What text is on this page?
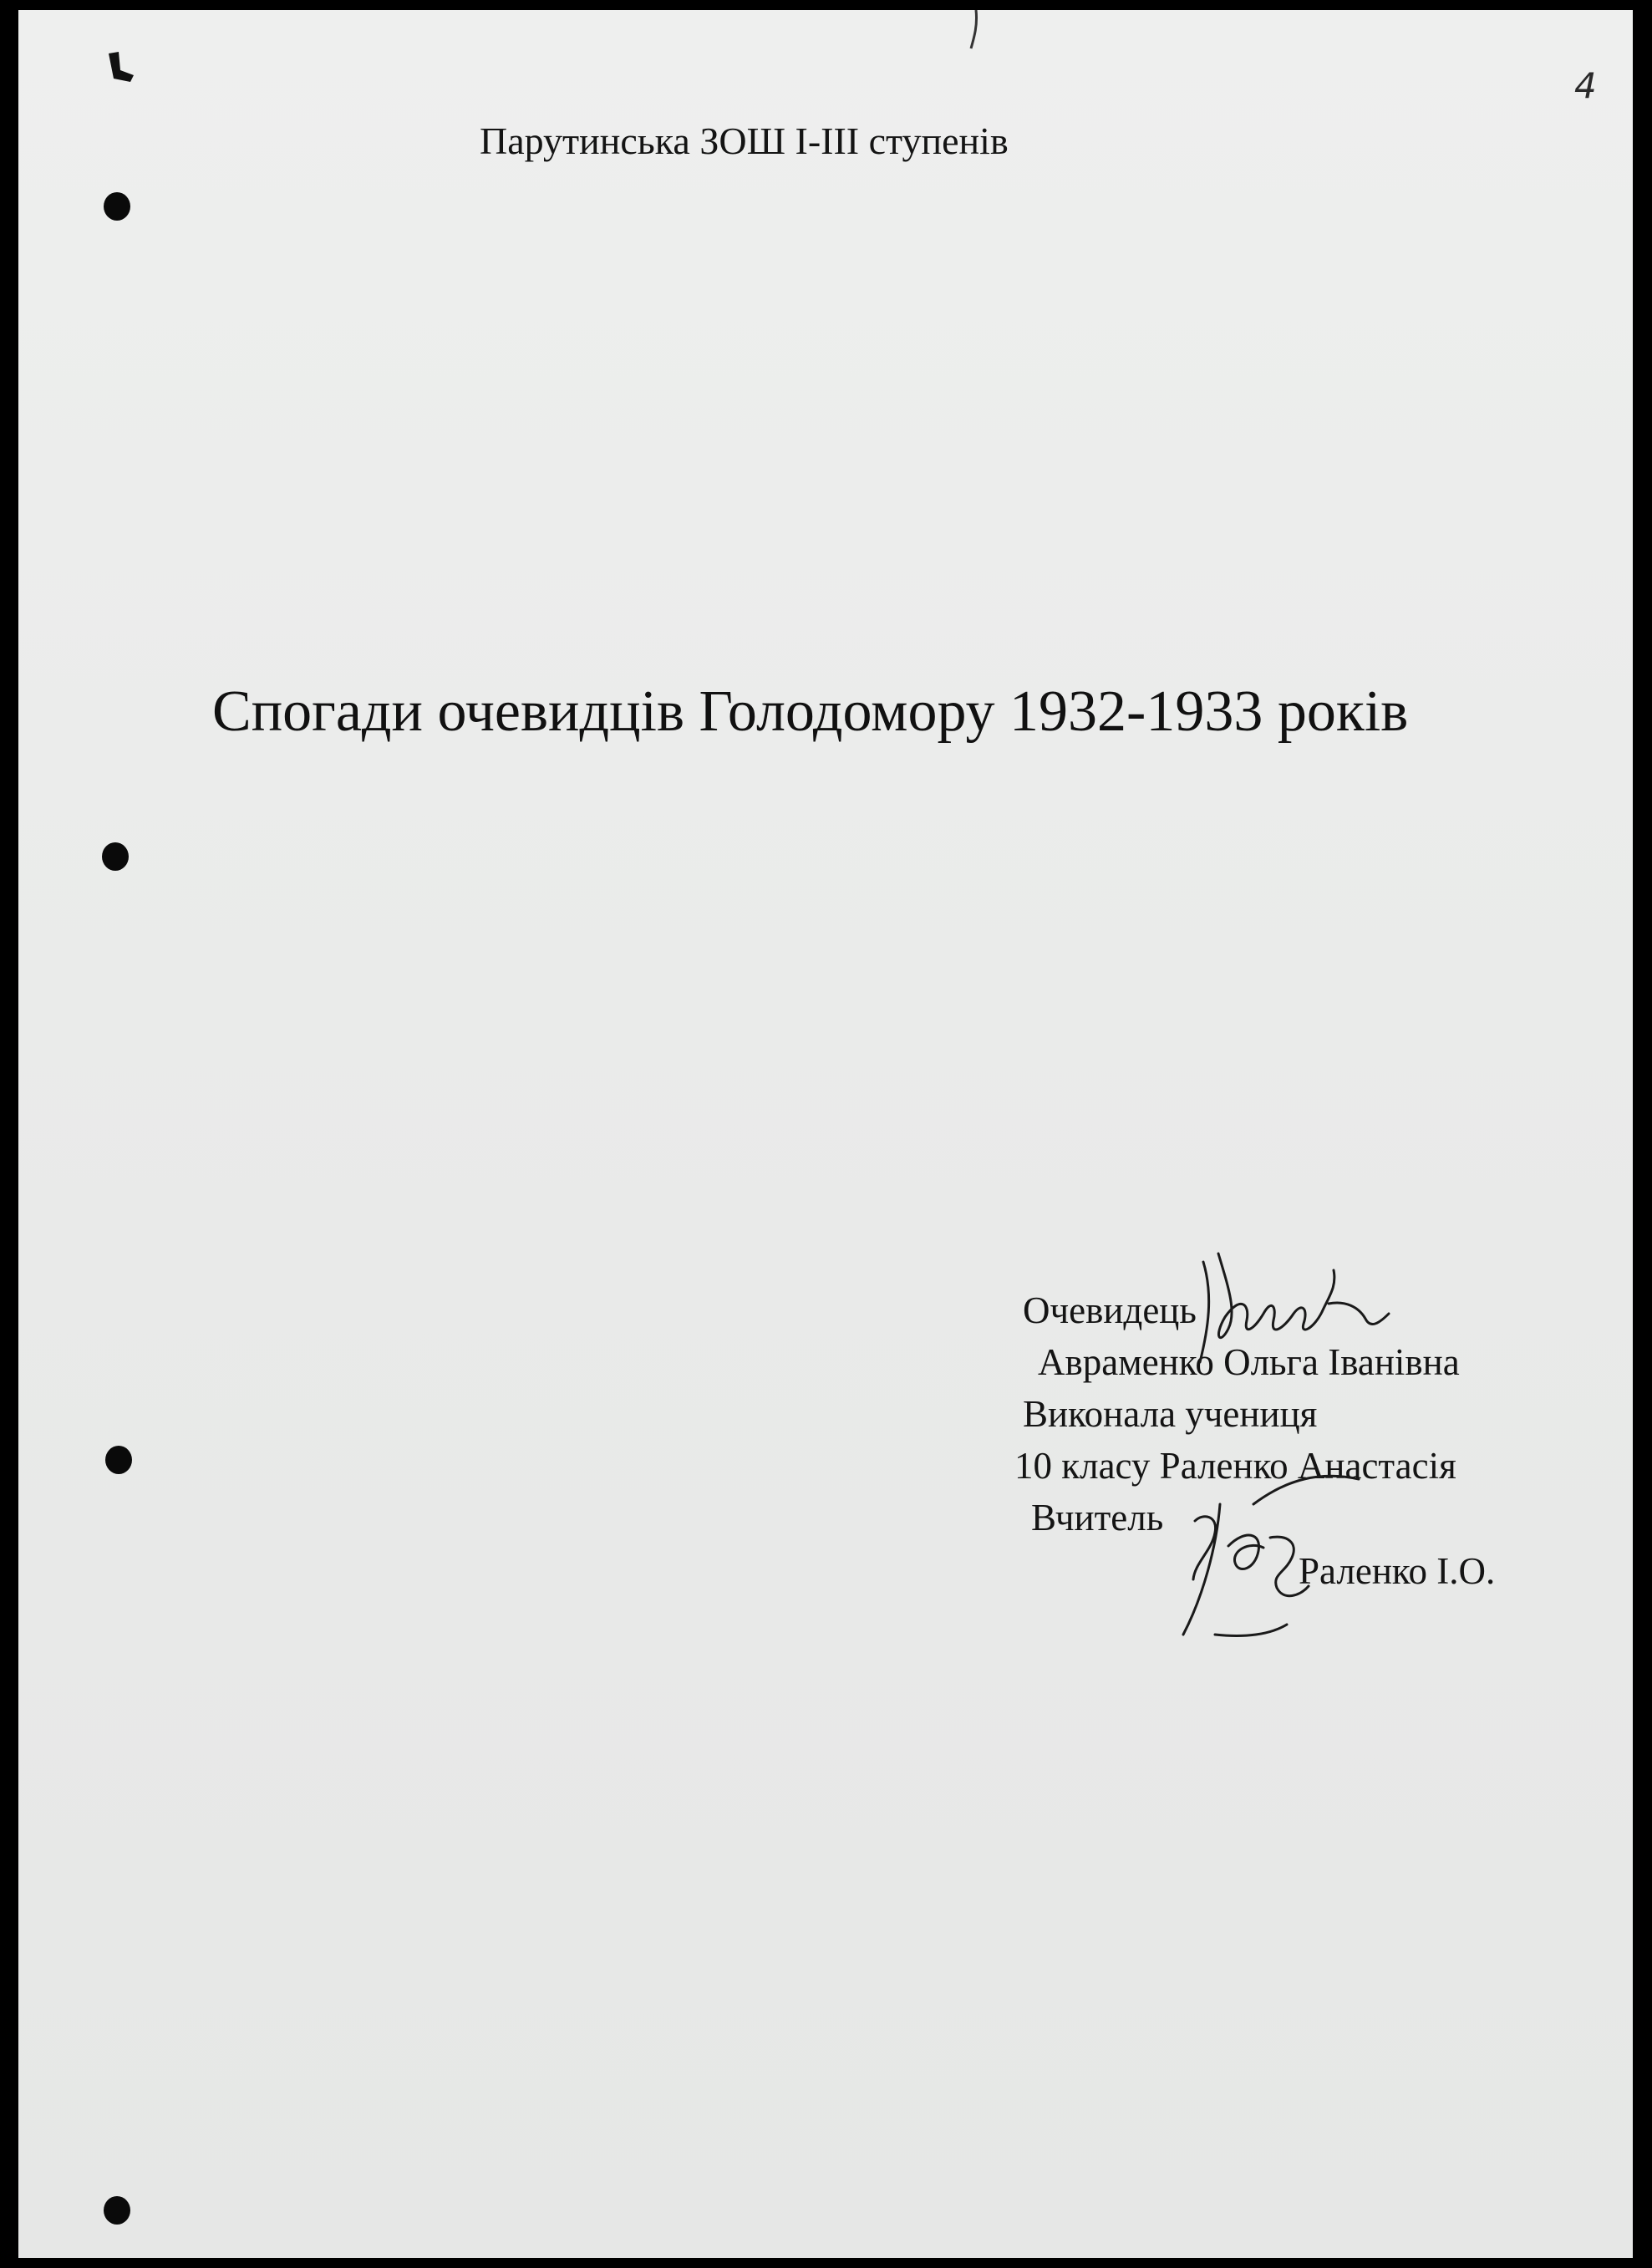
4
Парутинська ЗОШ І-ІІІ ступенів
Спогади очевидців Голодомору 1932-1933 років
Очевидець
Авраменко Ольга Іванівна
Виконала учениця
10 класу Раленко Анастасія
Вчитель
Раленко І.О.
